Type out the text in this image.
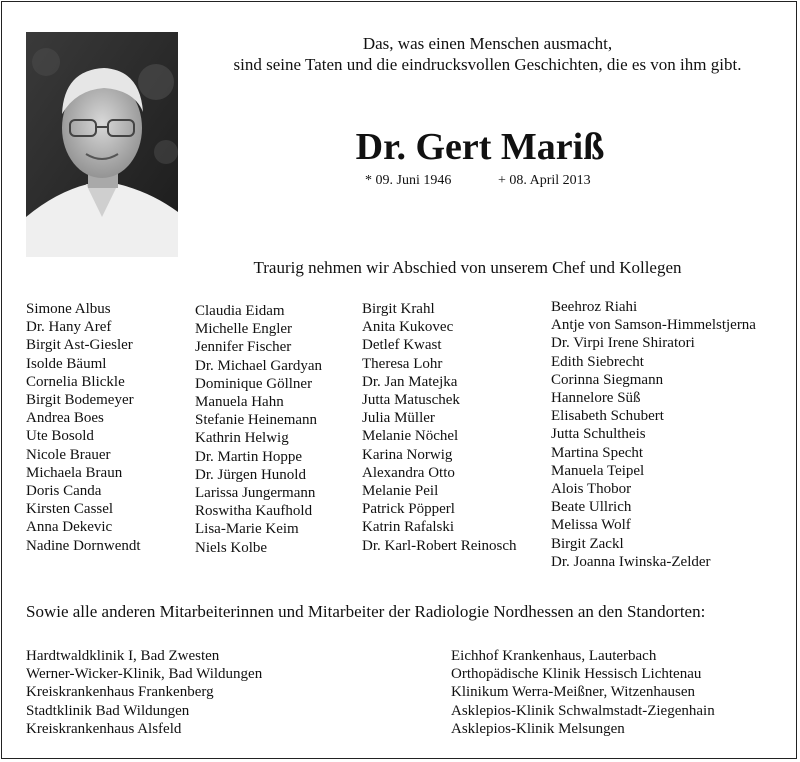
Das, was einen Menschen ausmacht,
sind seine Taten und die eindrucksvollen Geschichten, die es von ihm gibt.
Dr. Gert Mariß
* 09. Juni 1946	+ 08. April 2013
Traurig nehmen wir Abschied von unserem Chef und Kollegen
Simone Albus
Dr. Hany Aref
Birgit Ast-Giesler
Isolde Bäuml
Cornelia Blickle
Birgit Bodemeyer
Andrea Boes
Ute Bosold
Nicole Brauer
Michaela Braun
Doris Canda
Kirsten Cassel
Anna Dekevic
Nadine Dornwendt
Claudia Eidam
Michelle Engler
Jennifer Fischer
Dr. Michael Gardyan
Dominique Göllner
Manuela Hahn
Stefanie Heinemann
Kathrin Helwig
Dr. Martin Hoppe
Dr. Jürgen Hunold
Larissa Jungermann
Roswitha Kaufhold
Lisa-Marie Keim
Niels Kolbe
Birgit Krahl
Anita Kukovec
Detlef Kwast
Theresa Lohr
Dr. Jan Matejka
Jutta Matuschek
Julia Müller
Melanie Nöchel
Karina Norwig
Alexandra Otto
Melanie Peil
Patrick Pöpperl
Katrin Rafalski
Dr. Karl-Robert Reinosch
Beehroz Riahi
Antje von Samson-Himmelstjerna
Dr. Virpi Irene Shiratori
Edith Siebrecht
Corinna Siegmann
Hannelore Süß
Elisabeth Schubert
Jutta Schultheis
Martina Specht
Manuela Teipel
Alois Thobor
Beate Ullrich
Melissa Wolf
Birgit Zackl
Dr. Joanna Iwinska-Zelder
Sowie alle anderen Mitarbeiterinnen und Mitarbeiter der Radiologie Nordhessen an den Standorten:
Hardtwaldklinik I, Bad Zwesten
Werner-Wicker-Klinik, Bad Wildungen
Kreiskrankenhaus Frankenberg
Stadtklinik Bad Wildungen
Kreiskrankenhaus Alsfeld
Eichhof Krankenhaus, Lauterbach
Orthopädische Klinik Hessisch Lichtenau
Klinikum Werra-Meißner, Witzenhausen
Asklepios-Klinik Schwalmstadt-Ziegenhain
Asklepios-Klinik Melsungen
